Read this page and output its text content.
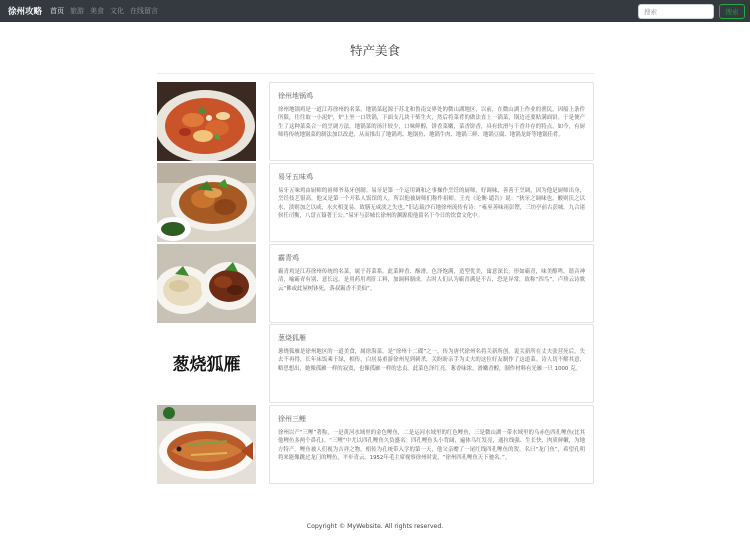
徐州攻略 首页 旅游 美食 文化 在线留言
搜索	搜索
特产美食
徐州地锅鸡

徐州地锅鸡是一道江苏徐州的名菜，地锅菜起源于苏北和鲁南交界处的微山湖地区，以前，在微山湖上作业的渔民，因船上条件所限，往往取一小泥炉，炉上坐一口铁锅，下面支几块干柴生火，然后将菜肴的做法直上一锅菜，锅边还要贴满面饼。于是便产生了这种菜菜合一的烹调方法。地锅菜的汤汁较少，口味鲜醇，饼香菜嫩，菜香饼香，具有软滑与干香并存的特点。如今，有厨师将传统地锅菜的制法加以改进，从而推出了地锅鸡、地锅鱼、地锅牛肉、地锅三鲜、地锅豆腐、地锅龙虾等地锅佳肴。

易牙五味鸡

易牙五味鸡由厨师的祖师爷易牙创制。易牙是第一个运用调和之事操作烹饪的厨师，好调味，善善于烹调，因为他是厨师出身，烹饪技艺很高。他又是第一个开私人饭馆的人，所以他被厨师们称作祖师。王充《论衡·谴告》说：“狄牙之调味也，酸则沃之以水，淡则加之以咸，水火相变易，故膳无咸淡之失也。”旧志载沙石地徐州流传有诗：“雍巫善味祖彭铿，三坊亭前古彭城。九合诸侯任司衡，八盘五簋著王公。”易牙与彭城长徐州的渊源使他留名于今日的饮食文化中。

霸青鸡

霸青鸡是江苏徐州传统的名菜，属于苏菜系。此菜鲜香、酥滑，色泽饱满，造型优美，寓意深长，形如霸青，味美醇鸣，谐音神清，喻霸青有别、意长远。是用药用鸡肝工料，加调料制成。古时人们认为霸青满是不吉，恐是异常，故称“四鸟”。卢珍云诗歌云“佛或此屋树钵死，落叔霸香不美仙”。

葱烧狐雁
葱烧狐雁

葱烧狐雁是徐州地区的一道美食，属徐海菜。是“徐州十二碟”之一，传为唐代徐州名将关新所创。说关新所在丈夫张营死后，失去不再得，长年床饭乘于绿，相传，白居易重游徐州见到刺杀，关盼盼亲手为丈夫的这位好友制作了这道菜。诗人切不解其意，略思想出，她像孤雁一样的寂寞，也像孤雁一样的忠贞。此菜色泽红亮，葱香味浓，滑嫩香醇，制作材料有光雁一只 1000 克。

徐州三鲤

徐州以产“三鲤”著称，一是黄河水域里的金色鲤鱼，二是运河水域里的红色鲤鱼，三是微山湖一带水域里的乌赤色四孔鲤鱼(比其他鲤鱼多两个鼻孔)。“三鲤”中尤以四孔鲤鱼久负盛名。四孔鲤鱼头小背阔，遍体乌红发亮，通拉线强、生长快、肉质鲜嫩，为地方特产。鲤鱼被人们视为吉祥之物，相传为孔统带入学的第一天，他父亲赠了一尾红线四孔鲤鱼的贺。名曰“龙门鱼”，希望孔明将来能像跳过龙门的鲤鱼，平步青云。1952年毛主席视察徐州时说，“徐州四孔鲤鱼天下驰名。”。

Copyright © MyWebsite. All rights reserved.
